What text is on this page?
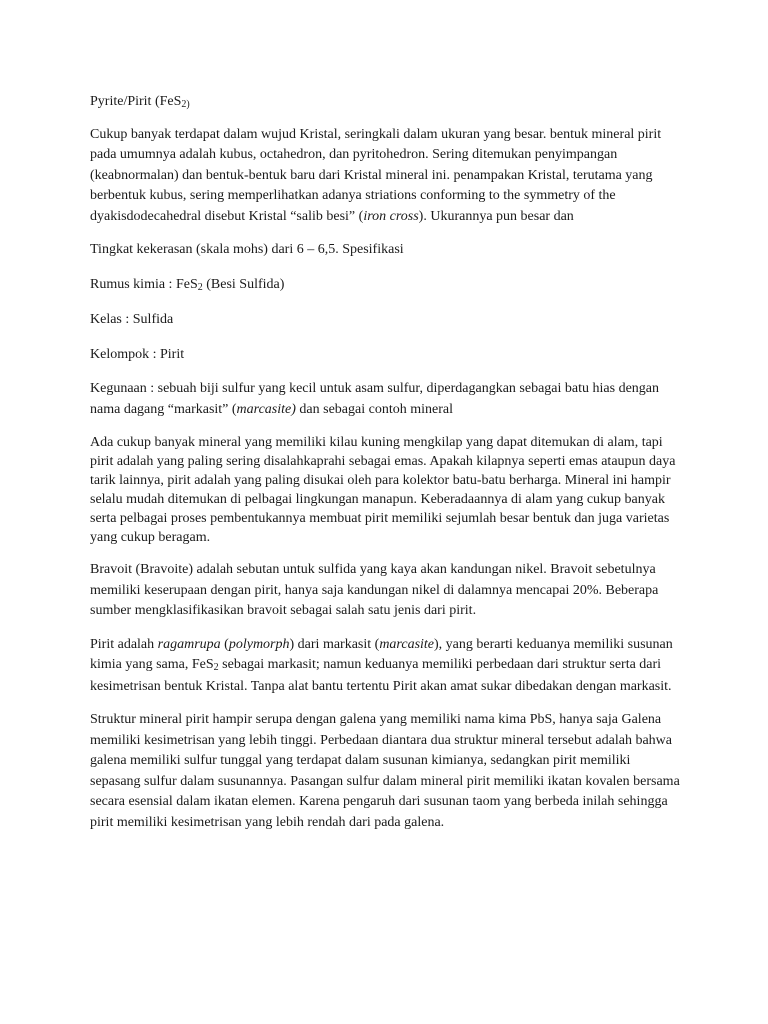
Pyrite/Pirit (FeS$_{2)}$

Cukup banyak terdapat dalam wujud Kristal, seringkali dalam ukuran yang besar. bentuk mineral pirit pada umumnya adalah kubus, octahedron, dan pyritohedron. Sering ditemukan penyimpangan (keabnormalan) dan bentuk-bentuk baru dari Kristal mineral ini. penampakan Kristal, terutama yang berbentuk kubus, sering memperlihatkan adanya striations conforming to the symmetry of the dyakisdodecahedral disebut Kristal “salib besi” (iron cross). Ukurannya pun besar dan

Tingkat kekerasan (skala mohs) dari 6 – 6,5. Spesifikasi

Rumus kimia : FeS$_2$ (Besi Sulfida)

Kelas : Sulfida

Kelompok : Pirit

Kegunaan : sebuah biji sulfur yang kecil untuk asam sulfur, diperdagangkan sebagai batu hias dengan nama dagang “markasit” (marcasite) dan sebagai contoh mineral

Ada cukup banyak mineral yang memiliki kilau kuning mengkilap yang dapat ditemukan di alam, tapi pirit adalah yang paling sering disalahkaprahi sebagai emas. Apakah kilapnya seperti emas ataupun daya tarik lainnya, pirit adalah yang paling disukai oleh para kolektor batu-batu berharga. Mineral ini hampir selalu mudah ditemukan di pelbagai lingkungan manapun. Keberadaannya di alam yang cukup banyak serta pelbagai proses pembentukannya membuat pirit memiliki sejumlah besar bentuk dan juga varietas yang cukup beragam.

Bravoit (Bravoite) adalah sebutan untuk sulfida yang kaya akan kandungan nikel. Bravoit sebetulnya memiliki keserupaan dengan pirit, hanya saja kandungan nikel di dalamnya mencapai 20%. Beberapa sumber mengklasifikasikan bravoit sebagai salah satu jenis dari pirit.

Pirit adalah ragamrupa (polymorph) dari markasit (marcasite), yang berarti keduanya memiliki susunan kimia yang sama, FeS$_2$ sebagai markasit; namun keduanya memiliki perbedaan dari struktur serta dari kesimetrisan bentuk Kristal. Tanpa alat bantu tertentu Pirit akan amat sukar dibedakan dengan markasit.

Struktur mineral pirit hampir serupa dengan galena yang memiliki nama kima PbS, hanya saja Galena memiliki kesimetrisan yang lebih tinggi. Perbedaan diantara dua struktur mineral tersebut adalah bahwa galena memiliki sulfur tunggal yang terdapat dalam susunan kimianya, sedangkan pirit memiliki sepasang sulfur dalam susunannya. Pasangan sulfur dalam mineral pirit memiliki ikatan kovalen bersama secara esensial dalam ikatan elemen. Karena pengaruh dari susunan taom yang berbeda inilah sehingga pirit memiliki kesimetrisan yang lebih rendah dari pada galena.
